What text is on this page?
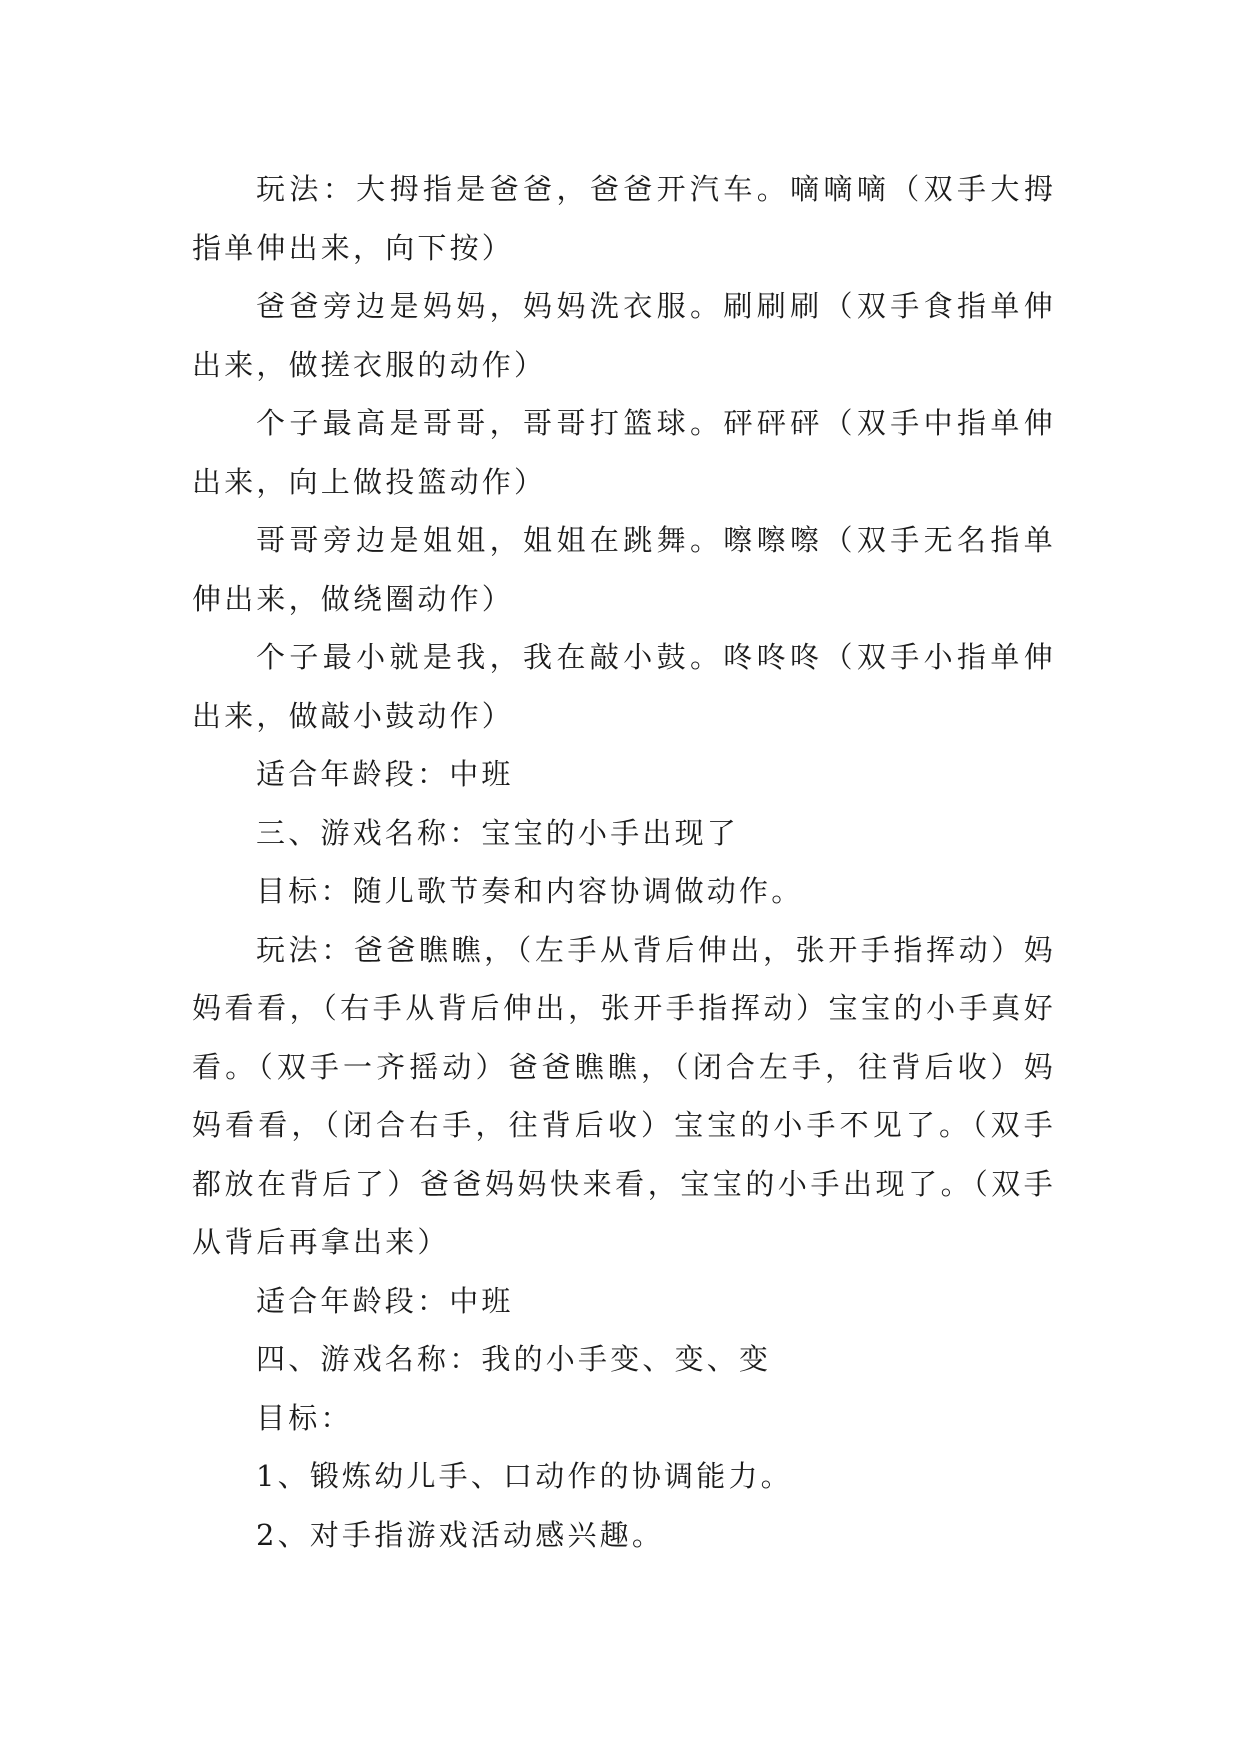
玩法：大拇指是爸爸，爸爸开汽车。嘀嘀嘀（双手大拇指单伸出来，向下按）

爸爸旁边是妈妈，妈妈洗衣服。刷刷刷（双手食指单伸出来，做搓衣服的动作）

个子最高是哥哥，哥哥打篮球。砰砰砰（双手中指单伸出来，向上做投篮动作）

哥哥旁边是姐姐，姐姐在跳舞。嚓嚓嚓（双手无名指单伸出来，做绕圈动作）

个子最小就是我，我在敲小鼓。咚咚咚（双手小指单伸出来，做敲小鼓动作）

适合年龄段：中班

三、游戏名称：宝宝的小手出现了

目标：随儿歌节奏和内容协调做动作。

玩法：爸爸瞧瞧，（左手从背后伸出，张开手指挥动）妈妈看看，（右手从背后伸出，张开手指挥动）宝宝的小手真好看。（双手一齐摇动）爸爸瞧瞧，（闭合左手，往背后收）妈妈看看，（闭合右手，往背后收）宝宝的小手不见了。（双手都放在背后了）爸爸妈妈快来看，宝宝的小手出现了。（双手从背后再拿出来）

适合年龄段：中班

四、游戏名称：我的小手变、变、变

目标：

1、锻炼幼儿手、口动作的协调能力。

2、对手指游戏活动感兴趣。
